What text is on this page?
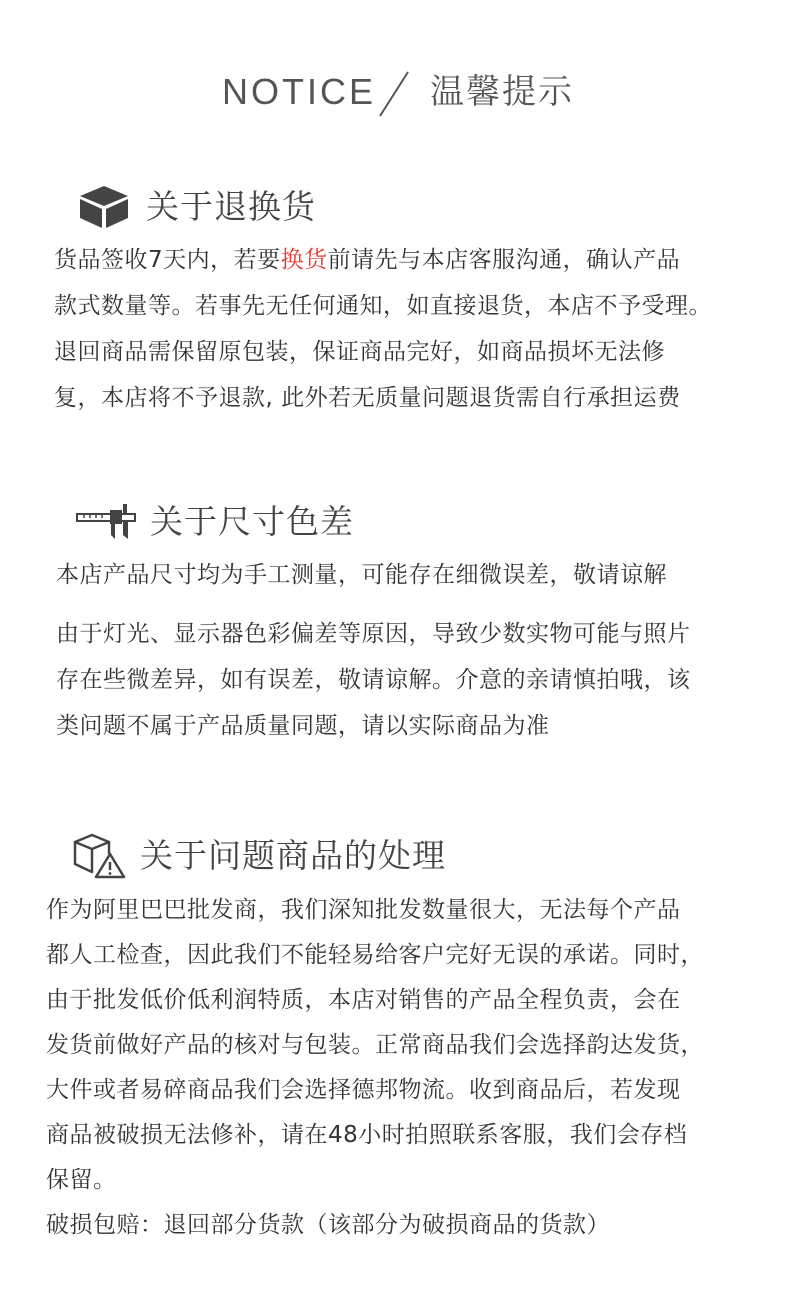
NOTICE 温馨提示
关于退换货
货品签收7天内，若要换货前请先与本店客服沟通，确认产品
款式数量等。若事先无任何通知，如直接退货，本店不予受理。
退回商品需保留原包装，保证商品完好，如商品损坏无法修
复，本店将不予退款, 此外若无质量问题退货需自行承担运费
关于尺寸色差
本店产品尺寸均为手工测量，可能存在细微误差，敬请谅解
由于灯光、显示器色彩偏差等原因，导致少数实物可能与照片
存在些微差异，如有误差，敬请谅解。介意的亲请慎拍哦，该
类问题不属于产品质量同题，请以实际商品为准
关于问题商品的处理
作为阿里巴巴批发商，我们深知批发数量很大，无法每个产品
都人工检查，因此我们不能轻易给客户完好无误的承诺。同时，
由于批发低价低利润特质，本店对销售的产品全程负责，会在
发货前做好产品的核对与包装。正常商品我们会选择韵达发货，
大件或者易碎商品我们会选择德邦物流。收到商品后，若发现
商品被破损无法修补，请在48小时拍照联系客服，我们会存档
保留。
破损包赔：退回部分货款（该部分为破损商品的货款）
